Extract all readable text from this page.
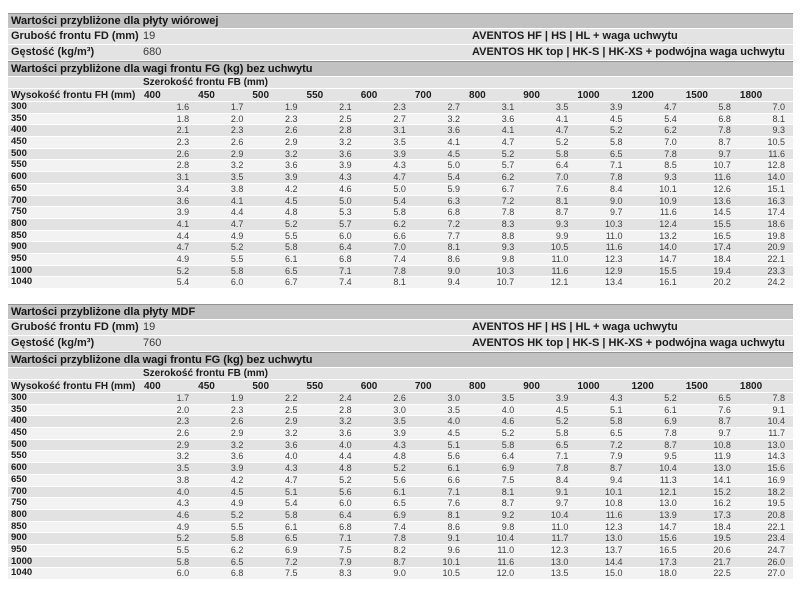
Wartości przybliżone dla płyty wiórowej
Grubość frontu FD (mm) 19	AVENTOS HF | HS | HL + waga uchwytu
Gęstość (kg/m³)	680	AVENTOS HK top | HK-S | HK-XS + podwójna waga uchwytu
Wartości przybliżone dla wagi frontu FG (kg) bez uchwytu
Szerokość frontu FB (mm)
Wysokość frontu FH (mm) 400	450	500	550	600	700	800	900	1000	1200	1500	1800
300	1.6	1.7	1.9	2.1	2.3	2.7	3.1	3.5	3.9	4.7	5.8	7.0
350	1.8	2.0	2.3	2.5	2.7	3.2	3.6	4.1	4.5	5.4	6.8	8.1
400	2.1	2.3	2.6	2.8	3.1	3.6	4.1	4.7	5.2	6.2	7.8	9.3
450	2.3	2.6	2.9	3.2	3.5	4.1	4.7	5.2	5.8	7.0	8.7	10.5
500	2.6	2.9	3.2	3.6	3.9	4.5	5.2	5.8	6.5	7.8	9.7	11.6
550	2.8	3.2	3.6	3.9	4.3	5.0	5.7	6.4	7.1	8.5	10.7	12.8
600	3.1	3.5	3.9	4.3	4.7	5.4	6.2	7.0	7.8	9.3	11.6	14.0
650	3.4	3.8	4.2	4.6	5.0	5.9	6.7	7.6	8.4	10.1	12.6	15.1
700	3.6	4.1	4.5	5.0	5.4	6.3	7.2	8.1	9.0	10.9	13.6	16.3
750	3.9	4.4	4.8	5.3	5.8	6.8	7.8	8.7	9.7	11.6	14.5	17.4
800	4.1	4.7	5.2	5.7	6.2	7.2	8.3	9.3	10.3	12.4	15.5	18.6
850	4.4	4.9	5.5	6.0	6.6	7.7	8.8	9.9	11.0	13.2	16.5	19.8
900	4.7	5.2	5.8	6.4	7.0	8.1	9.3	10.5	11.6	14.0	17.4	20.9
950	4.9	5.5	6.1	6.8	7.4	8.6	9.8	11.0	12.3	14.7	18.4	22.1
1000	5.2	5.8	6.5	7.1	7.8	9.0	10.3	11.6	12.9	15.5	19.4	23.3
1040	5.4	6.0	6.7	7.4	8.1	9.4	10.7	12.1	13.4	16.1	20.2	24.2
Wartości przybliżone dla płyty MDF
Grubość frontu FD (mm) 19	AVENTOS HF | HS | HL + waga uchwytu
Gęstość (kg/m³)	760	AVENTOS HK top | HK-S | HK-XS + podwójna waga uchwytu
Wartości przybliżone dla wagi frontu FG (kg) bez uchwytu
Szerokość frontu FB (mm)
Wysokość frontu FH (mm) 400	450	500	550	600	700	800	900	1000	1200	1500	1800
300	1.7	1.9	2.2	2.4	2.6	3.0	3.5	3.9	4.3	5.2	6.5	7.8
350	2.0	2.3	2.5	2.8	3.0	3.5	4.0	4.5	5.1	6.1	7.6	9.1
400	2.3	2.6	2.9	3.2	3.5	4.0	4.6	5.2	5.8	6.9	8.7	10.4
450	2.6	2.9	3.2	3.6	3.9	4.5	5.2	5.8	6.5	7.8	9.7	11.7
500	2.9	3.2	3.6	4.0	4.3	5.1	5.8	6.5	7.2	8.7	10.8	13.0
550	3.2	3.6	4.0	4.4	4.8	5.6	6.4	7.1	7.9	9.5	11.9	14.3
600	3.5	3.9	4.3	4.8	5.2	6.1	6.9	7.8	8.7	10.4	13.0	15.6
650	3.8	4.2	4.7	5.2	5.6	6.6	7.5	8.4	9.4	11.3	14.1	16.9
700	4.0	4.5	5.1	5.6	6.1	7.1	8.1	9.1	10.1	12.1	15.2	18.2
750	4.3	4.9	5.4	6.0	6.5	7.6	8.7	9.7	10.8	13.0	16.2	19.5
800	4.6	5.2	5.8	6.4	6.9	8.1	9.2	10.4	11.6	13.9	17.3	20.8
850	4.9	5.5	6.1	6.8	7.4	8.6	9.8	11.0	12.3	14.7	18.4	22.1
900	5.2	5.8	6.5	7.1	7.8	9.1	10.4	11.7	13.0	15.6	19.5	23.4
950	5.5	6.2	6.9	7.5	8.2	9.6	11.0	12.3	13.7	16.5	20.6	24.7
1000	5.8	6.5	7.2	7.9	8.7	10.1	11.6	13.0	14.4	17.3	21.7	26.0
1040	6.0	6.8	7.5	8.3	9.0	10.5	12.0	13.5	15.0	18.0	22.5	27.0
